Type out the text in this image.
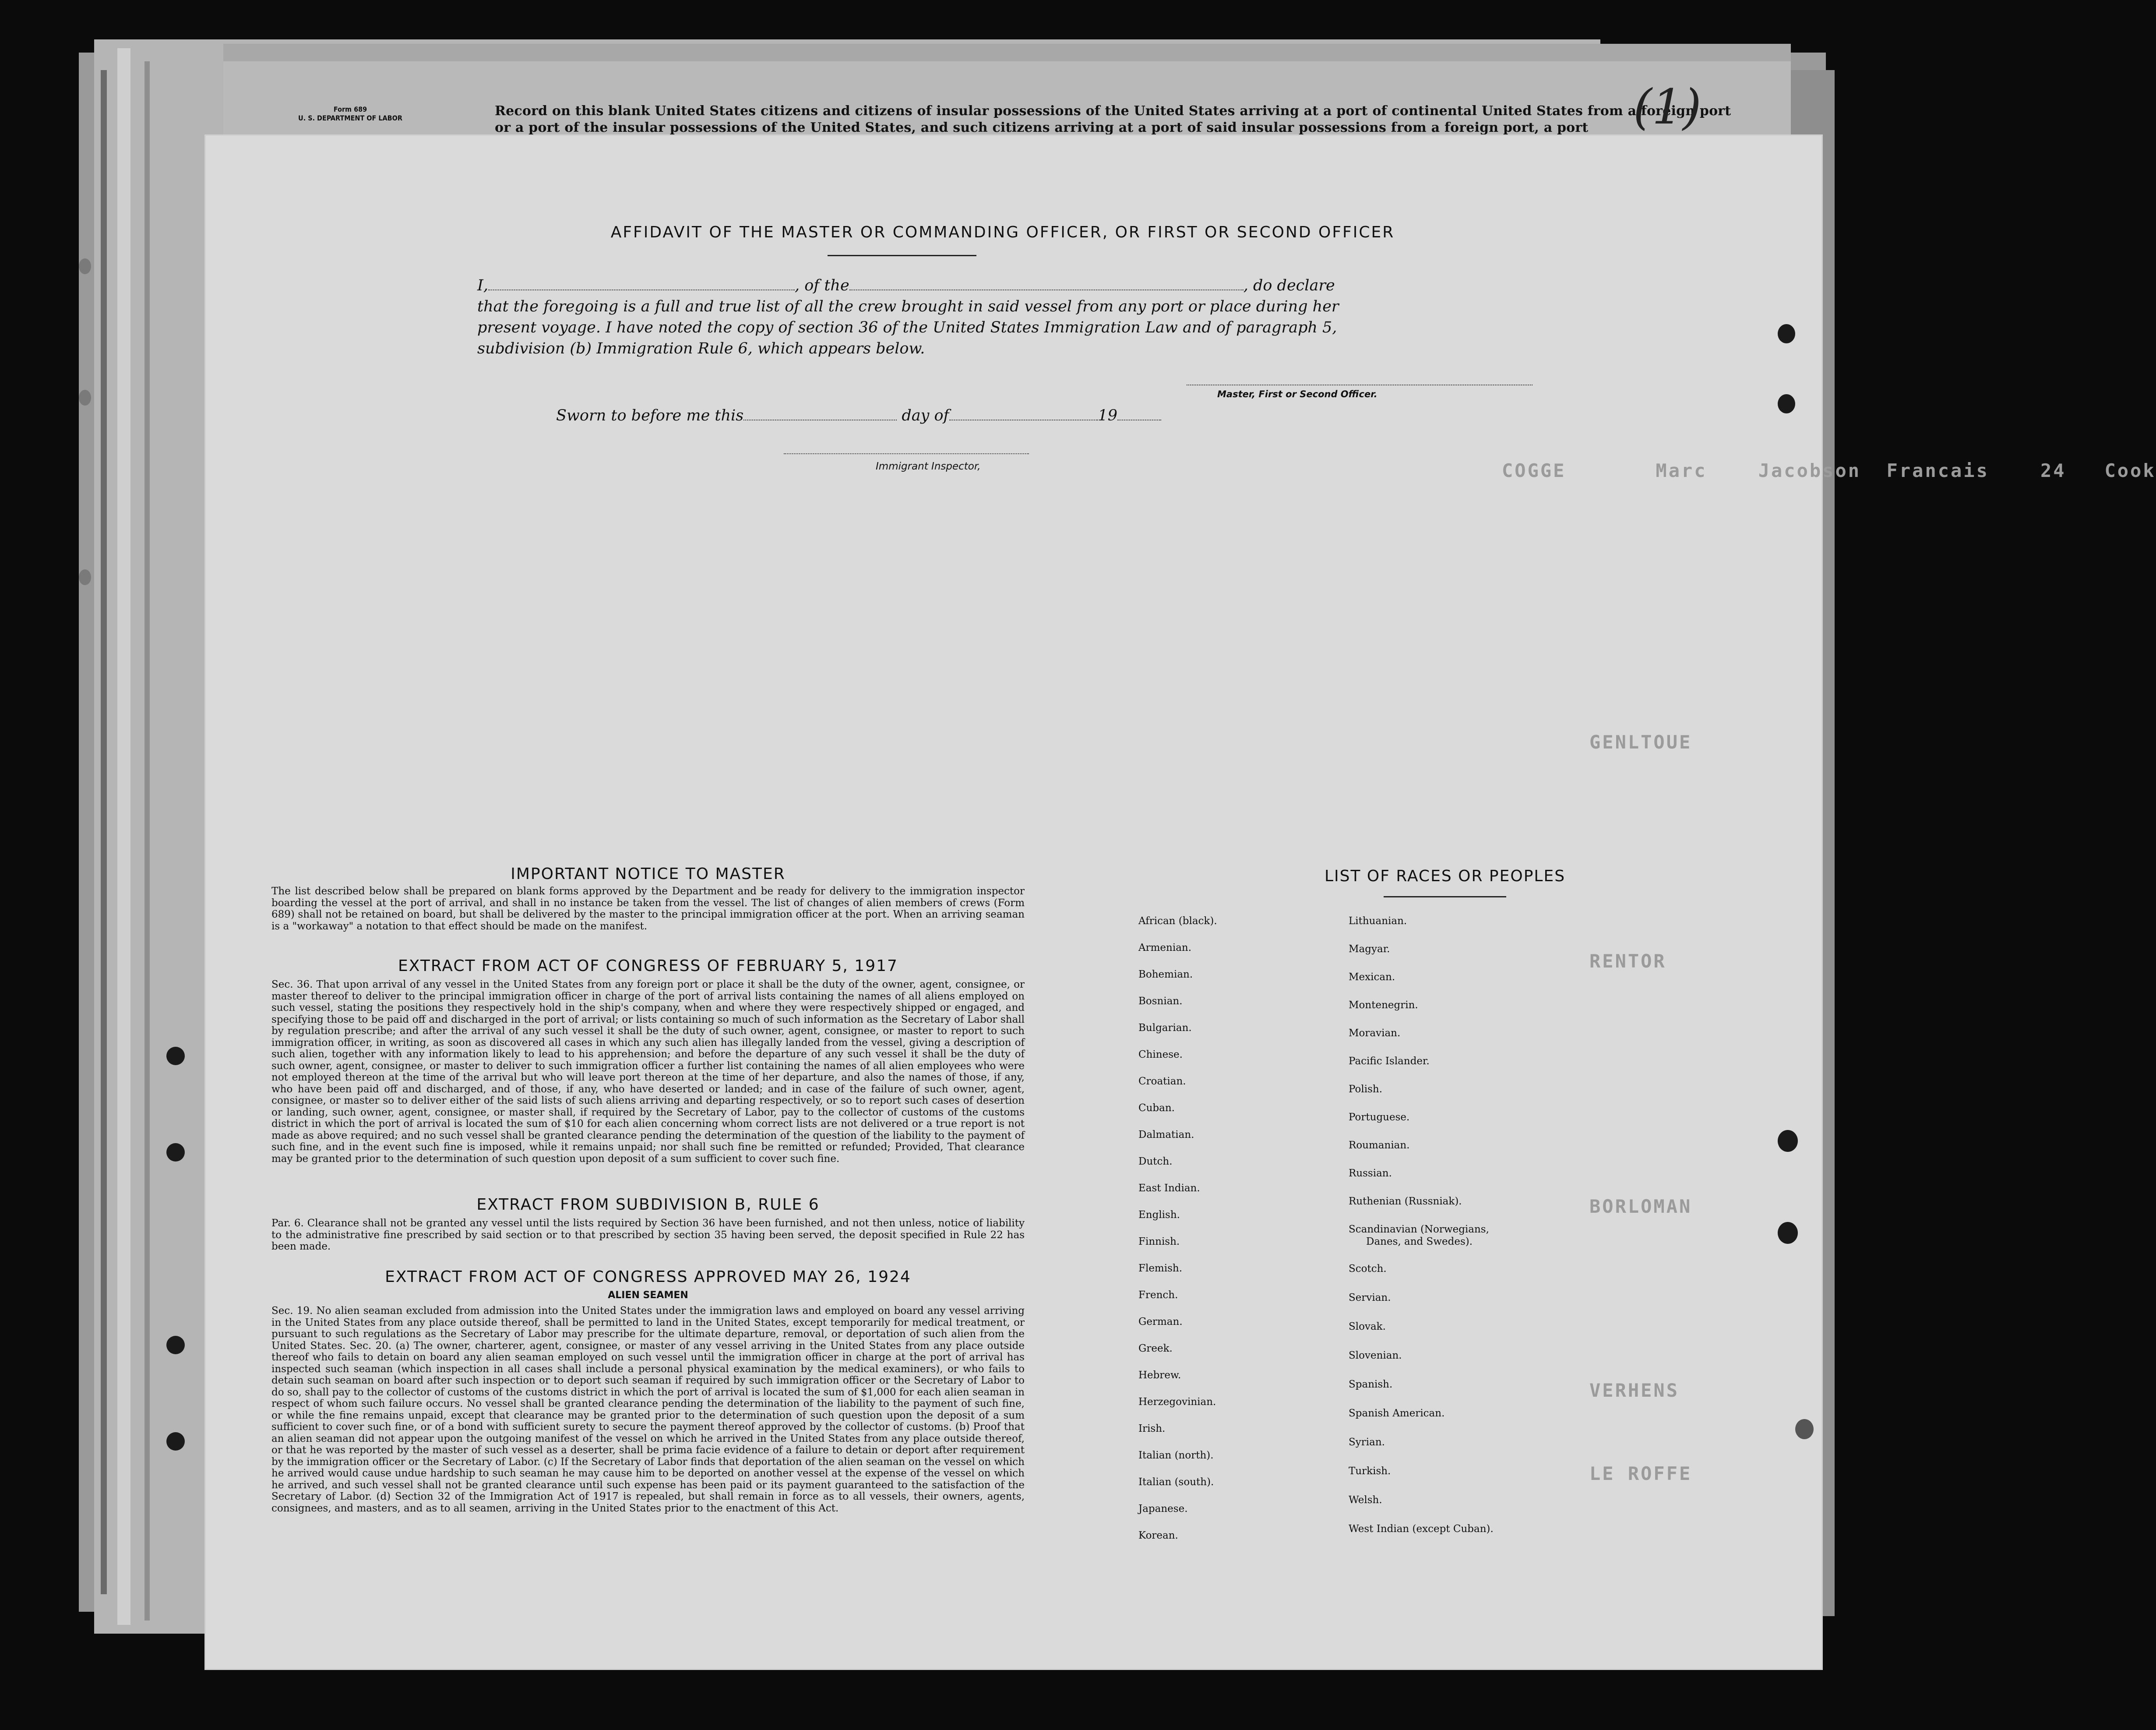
Form 689
U. S. DEPARTMENT OF LABOR	Record on this blank United States citizens and citizens of insular possessions of the United States arriving at a port of continental United States from a foreign port or a port of the insular possessions of the United States, and such citizens arriving at a port of said insular possessions from a foreign port, a port (1)
COGGE       Marc    Jacobson  Francais    24   Cook
GENLTOUE
RENTOR
BORLOMAN
VERHENS
LE ROFFE
AFFIDAVIT OF THE MASTER OR COMMANDING OFFICER, OR FIRST OR SECOND OFFICER
I,	, of the	, do declare
that the foregoing is a full and true list of all the crew brought in said vessel from any port or place during her
present voyage. I have noted the copy of section 36 of the United States Immigration Law and of paragraph 5,
subdivision (b) Immigration Rule 6, which appears below.
Master, First or Second Officer.
Sworn to before me this	day of	19
Immigrant Inspector,
IMPORTANT NOTICE TO MASTER
The list described below shall be prepared on blank forms approved by the Department and be ready for delivery to the immigration inspector boarding the vessel at the port of arrival, and shall in no instance be taken from the vessel. The list of changes of alien members of crews (Form 689) shall not be retained on board, but shall be delivered by the master to the principal immigration officer at the port. When an arriving seaman is a "workaway" a notation to that effect should be made on the manifest.
EXTRACT FROM ACT OF CONGRESS OF FEBRUARY 5, 1917
Sec. 36. That upon arrival of any vessel in the United States from any foreign port or place it shall be the duty of the owner, agent, consignee, or master thereof to deliver to the principal immigration officer in charge of the port of arrival lists containing the names of all aliens employed on such vessel, stating the positions they respectively hold in the ship's company, when and where they were respectively shipped or engaged, and specifying those to be paid off and discharged in the port of arrival; or lists containing so much of such information as the Secretary of Labor shall by regulation prescribe; and after the arrival of any such vessel it shall be the duty of such owner, agent, consignee, or master to report to such immigration officer, in writing, as soon as discovered all cases in which any such alien has illegally landed from the vessel, giving a description of such alien, together with any information likely to lead to his apprehension; and before the departure of any such vessel it shall be the duty of such owner, agent, consignee, or master to deliver to such immigration officer a further list containing the names of all alien employees who were not employed thereon at the time of the arrival but who will leave port thereon at the time of her departure, and also the names of those, if any, who have been paid off and discharged, and of those, if any, who have deserted or landed; and in case of the failure of such owner, agent, consignee, or master so to deliver either of the said lists of such aliens arriving and departing respectively, or so to report such cases of desertion or landing, such owner, agent, consignee, or master shall, if required by the Secretary of Labor, pay to the collector of customs of the customs district in which the port of arrival is located the sum of $10 for each alien concerning whom correct lists are not delivered or a true report is not made as above required; and no such vessel shall be granted clearance pending the determination of the question of the liability to the payment of such fine, and in the event such fine is imposed, while it remains unpaid; nor shall such fine be remitted or refunded; Provided, That clearance may be granted prior to the determination of such question upon deposit of a sum sufficient to cover such fine.
EXTRACT FROM SUBDIVISION B, RULE 6
Par. 6. Clearance shall not be granted any vessel until the lists required by Section 36 have been furnished, and not then unless, notice of liability to the administrative fine prescribed by said section or to that prescribed by section 35 having been served, the deposit specified in Rule 22 has been made.
EXTRACT FROM ACT OF CONGRESS APPROVED MAY 26, 1924
ALIEN SEAMEN
Sec. 19. No alien seaman excluded from admission into the United States under the immigration laws and employed on board any vessel arriving in the United States from any place outside thereof, shall be permitted to land in the United States, except temporarily for medical treatment, or pursuant to such regulations as the Secretary of Labor may prescribe for the ultimate departure, removal, or deportation of such alien from the United States. Sec. 20. (a) The owner, charterer, agent, consignee, or master of any vessel arriving in the United States from any place outside thereof who fails to detain on board any alien seaman employed on such vessel until the immigration officer in charge at the port of arrival has inspected such seaman (which inspection in all cases shall include a personal physical examination by the medical examiners), or who fails to detain such seaman on board after such inspection or to deport such seaman if required by such immigration officer or the Secretary of Labor to do so, shall pay to the collector of customs of the customs district in which the port of arrival is located the sum of $1,000 for each alien seaman in respect of whom such failure occurs. No vessel shall be granted clearance pending the determination of the liability to the payment of such fine, or while the fine remains unpaid, except that clearance may be granted prior to the determination of such question upon the deposit of a sum sufficient to cover such fine, or of a bond with sufficient surety to secure the payment thereof approved by the collector of customs. (b) Proof that an alien seaman did not appear upon the outgoing manifest of the vessel on which he arrived in the United States from any place outside thereof, or that he was reported by the master of such vessel as a deserter, shall be prima facie evidence of a failure to detain or deport after requirement by the immigration officer or the Secretary of Labor. (c) If the Secretary of Labor finds that deportation of the alien seaman on the vessel on which he arrived would cause undue hardship to such seaman he may cause him to be deported on another vessel at the expense of the vessel on which he arrived, and such vessel shall not be granted clearance until such expense has been paid or its payment guaranteed to the satisfaction of the Secretary of Labor. (d) Section 32 of the Immigration Act of 1917 is repealed, but shall remain in force as to all vessels, their owners, agents, consignees, and masters, and as to all seamen, arriving in the United States prior to the enactment of this Act.
LIST OF RACES OR PEOPLES
African (black).
Armenian.
Bohemian.
Bosnian.
Bulgarian.
Chinese.
Croatian.
Cuban.
Dalmatian.
Dutch.
East Indian.
English.
Finnish.
Flemish.
French.
German.
Greek.
Hebrew.
Herzegovinian.
Irish.
Italian (north).
Italian (south).
Japanese.
Korean.
Lithuanian.
Magyar.
Mexican.
Montenegrin.
Moravian.
Pacific Islander.
Polish.
Portuguese.
Roumanian.
Russian.
Ruthenian (Russniak).
Scandinavian (Norwegians,
Danes, and Swedes).
Scotch.
Servian.
Slovak.
Slovenian.
Spanish.
Spanish American.
Syrian.
Turkish.
Welsh.
West Indian (except Cuban).
